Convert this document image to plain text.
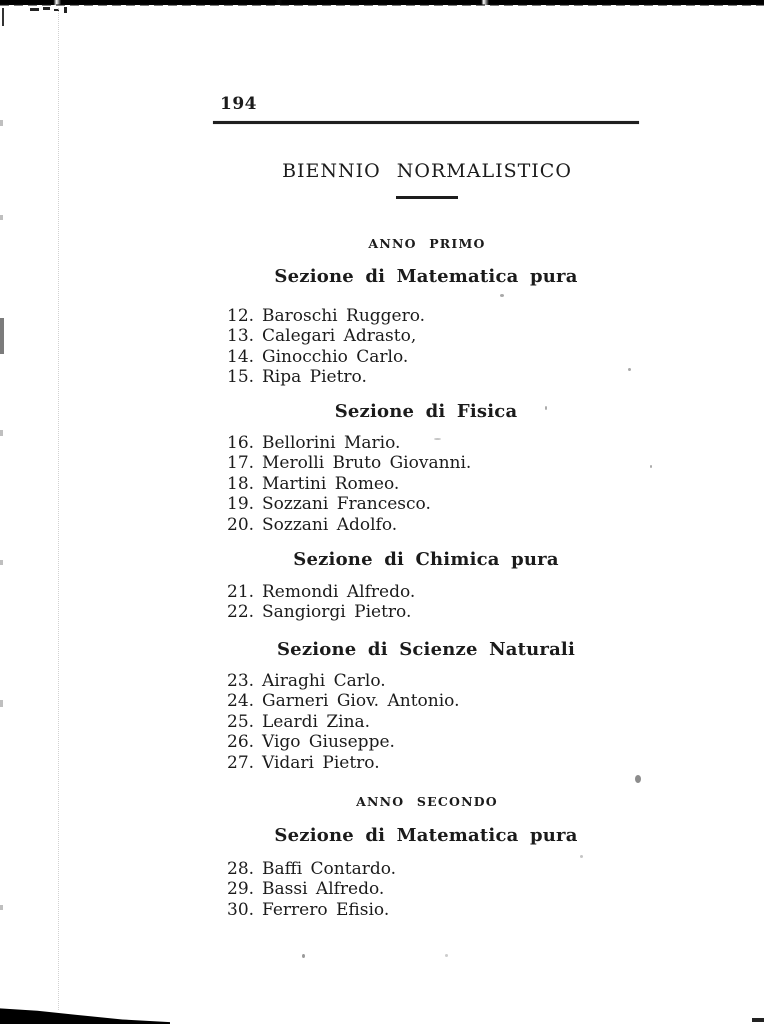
194
BIENNIO NORMALISTICO
ANNO PRIMO
Sezione di Matematica pura
12. Baroschi Ruggero.
13. Calegari Adrasto,
14. Ginocchio Carlo.
15. Ripa Pietro.
Sezione di Fisica
16. Bellorini Mario.
17. Merolli Bruto Giovanni.
18. Martini Romeo.
19. Sozzani Francesco.
20. Sozzani Adolfo.
Sezione di Chimica pura
21. Remondi Alfredo.
22. Sangiorgi Pietro.
Sezione di Scienze Naturali
23. Airaghi Carlo.
24. Garneri Giov. Antonio.
25. Leardi Zina.
26. Vigo Giuseppe.
27. Vidari Pietro.
ANNO SECONDO
Sezione di Matematica pura
28. Baffi Contardo.
29. Bassi Alfredo.
30. Ferrero Efisio.
